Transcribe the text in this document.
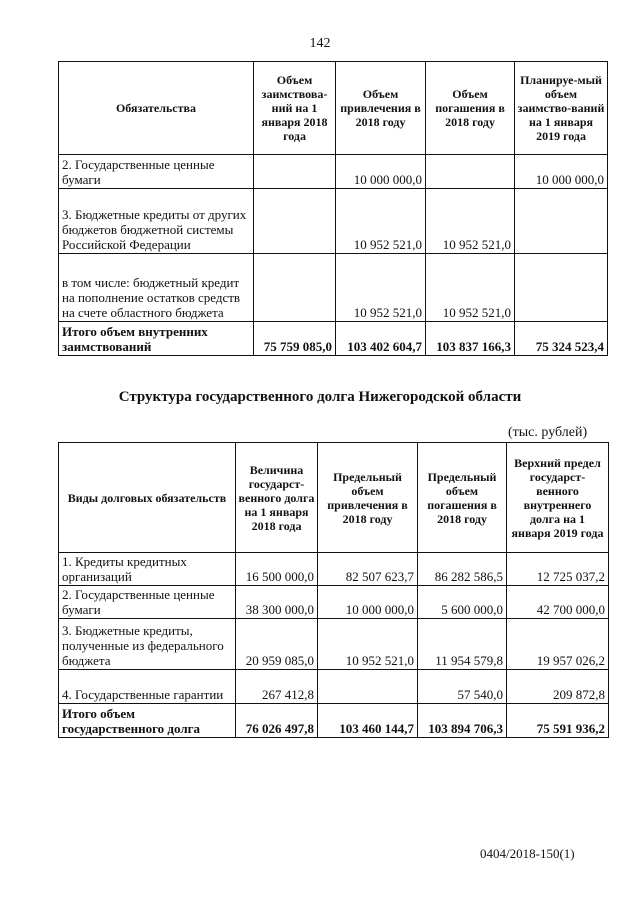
142
Обязательства	Объем заимствова-ний на 1 января 2018 года	Объем привлечения в 2018 году	Объем погашения в 2018 году	Планируе-мый объем заимство-ваний на 1 января 2019 года
2. Государственные ценные бумаги		10 000 000,0		10 000 000,0
3. Бюджетные кредиты от других бюджетов бюджетной системы Российской Федерации		10 952 521,0	10 952 521,0	
в том числе: бюджетный кредит на пополнение остатков средств на счете областного бюджета		10 952 521,0	10 952 521,0	
Итого объем внутренних заимствований	75 759 085,0	103 402 604,7	103 837 166,3	75 324 523,4
Структура государственного долга Нижегородской области
(тыс. рублей)
Виды долговых обязательств	Величина государст-венного долга на 1 января 2018 года	Предельный объем привлечения в 2018 году	Предельный объем погашения в 2018 году	Верхний предел государст-венного внутреннего долга на 1 января 2019 года
1. Кредиты кредитных организаций	16 500 000,0	82 507 623,7	86 282 586,5	12 725 037,2
2. Государственные ценные бумаги	38 300 000,0	10 000 000,0	5 600 000,0	42 700 000,0
3. Бюджетные кредиты, полученные из федерального бюджета	20 959 085,0	10 952 521,0	11 954 579,8	19 957 026,2
4. Государственные гарантии	267 412,8		57 540,0	209 872,8
Итого объем государственного долга	76 026 497,8	103 460 144,7	103 894 706,3	75 591 936,2
0404/2018-150(1)
